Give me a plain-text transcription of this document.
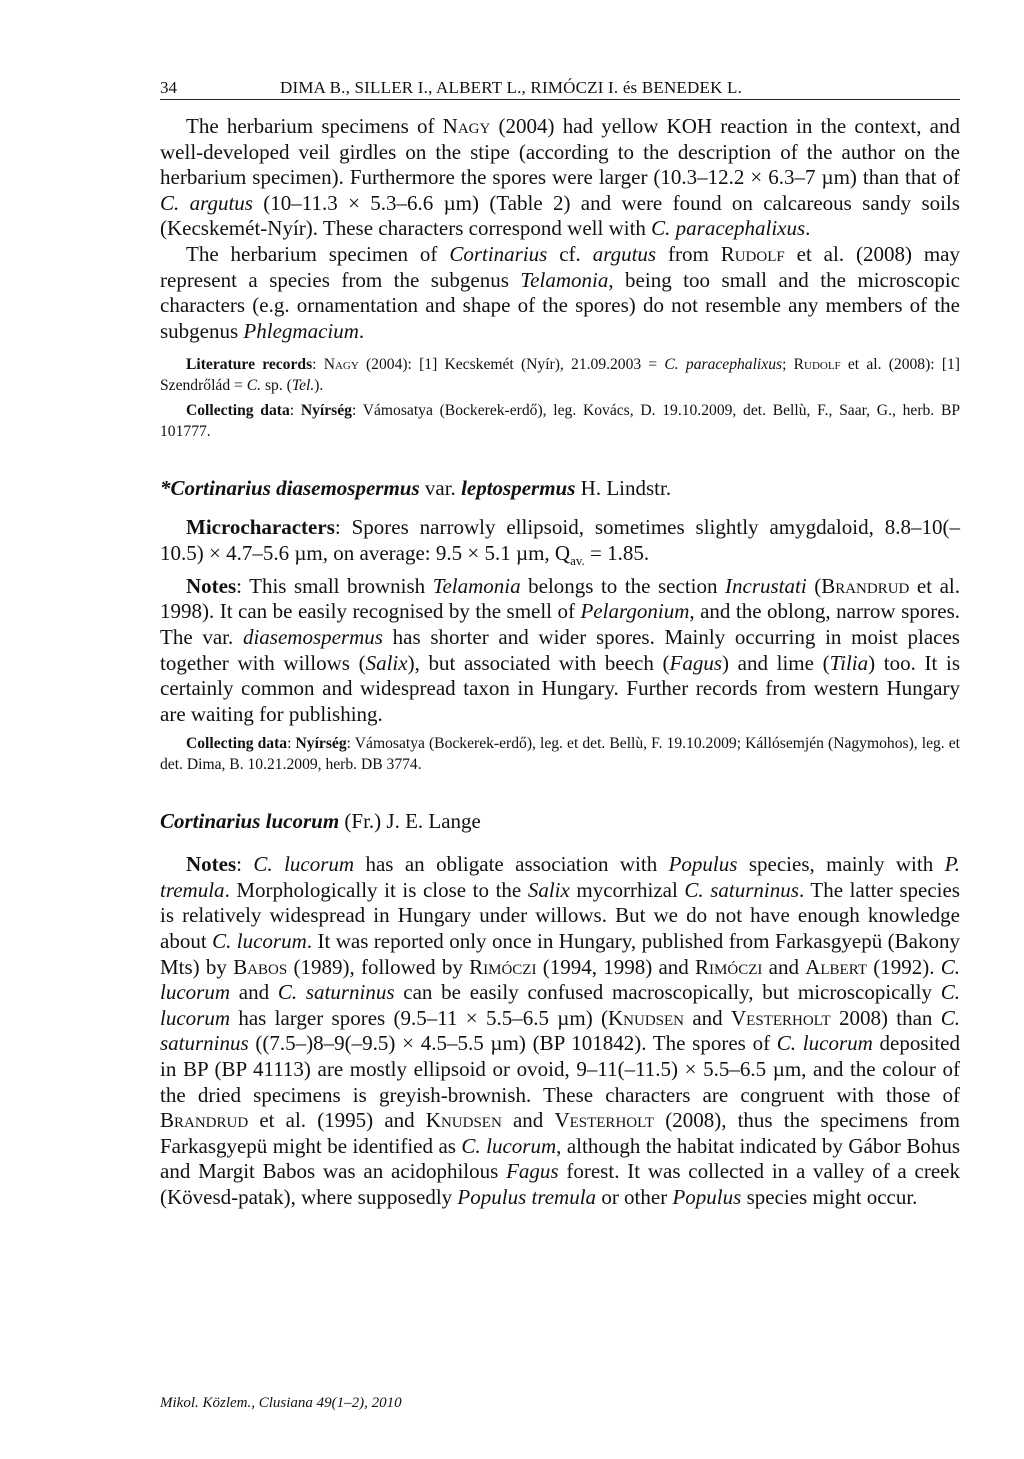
34	DIMA B., SILLER I., ALBERT L., RIMÓCZI I. és BENEDEK L.

The herbarium specimens of Nagy (2004) had yellow KOH reaction in the context, and well-developed veil girdles on the stipe (according to the description of the author on the herbarium specimen). Furthermore the spores were larger (10.3–12.2 × 6.3–7 µm) than that of C. argutus (10–11.3 × 5.3–6.6 µm) (Table 2) and were found on calcareous sandy soils (Kecskemét-Nyír). These characters correspond well with C. paracephalixus.

The herbarium specimen of Cortinarius cf. argutus from Rudolf et al. (2008) may represent a species from the subgenus Telamonia, being too small and the microscopic characters (e.g. ornamentation and shape of the spores) do not resemble any members of the subgenus Phlegmacium.

Literature records: Nagy (2004): [1] Kecskemét (Nyír), 21.09.2003 = C. paracephalixus; Rudolf et al. (2008): [1] Szendrőlád = C. sp. (Tel.).

Collecting data: Nyírség: Vámosatya (Bockerek-erdő), leg. Kovács, D. 19.10.2009, det. Bellù, F., Saar, G., herb. BP 101777.

*Cortinarius diasemospermus var. leptospermus H. Lindstr.

Microcharacters: Spores narrowly ellipsoid, sometimes slightly amygdaloid, 8.8–10(–10.5) × 4.7–5.6 µm, on average: 9.5 × 5.1 µm, $Q_{av.} = 1.85$.

Notes: This small brownish Telamonia belongs to the section Incrustati (Brandrud et al. 1998). It can be easily recognised by the smell of Pelargonium, and the oblong, narrow spores. The var. diasemospermus has shorter and wider spores. Mainly occurring in moist places together with willows (Salix), but associated with beech (Fagus) and lime (Tilia) too. It is certainly common and widespread taxon in Hungary. Further records from western Hungary are waiting for publishing.

Collecting data: Nyírség: Vámosatya (Bockerek-erdő), leg. et det. Bellù, F. 19.10.2009; Kállósemjén (Nagymohos), leg. et det. Dima, B. 10.21.2009, herb. DB 3774.

Cortinarius lucorum (Fr.) J. E. Lange

Notes: C. lucorum has an obligate association with Populus species, mainly with P. tremula. Morphologically it is close to the Salix mycorrhizal C. saturninus. The latter species is relatively widespread in Hungary under willows. But we do not have enough knowledge about C. lucorum. It was reported only once in Hungary, published from Farkasgyepü (Bakony Mts) by Babos (1989), followed by Rimóczi (1994, 1998) and Rimóczi and Albert (1992). C. lucorum and C. saturninus can be easily confused macroscopically, but microscopically C. lucorum has larger spores (9.5–11 × 5.5–6.5 µm) (Knudsen and Vesterholt 2008) than C. saturninus ((7.5–)8–9(–9.5) × 4.5–5.5 µm) (BP 101842). The spores of C. lucorum deposited in BP (BP 41113) are mostly ellipsoid or ovoid, 9–11(–11.5) × 5.5–6.5 µm, and the colour of the dried specimens is greyish-brownish. These characters are congruent with those of Brandrud et al. (1995) and Knudsen and Vesterholt (2008), thus the specimens from Farkasgyepü might be identified as C. lucorum, although the habitat indicated by Gábor Bohus and Margit Babos was an acidophilous Fagus forest. It was collected in a valley of a creek (Kövesd-patak), where supposedly Populus tremula or other Populus species might occur.

Mikol. Közlem., Clusiana 49(1–2), 2010
